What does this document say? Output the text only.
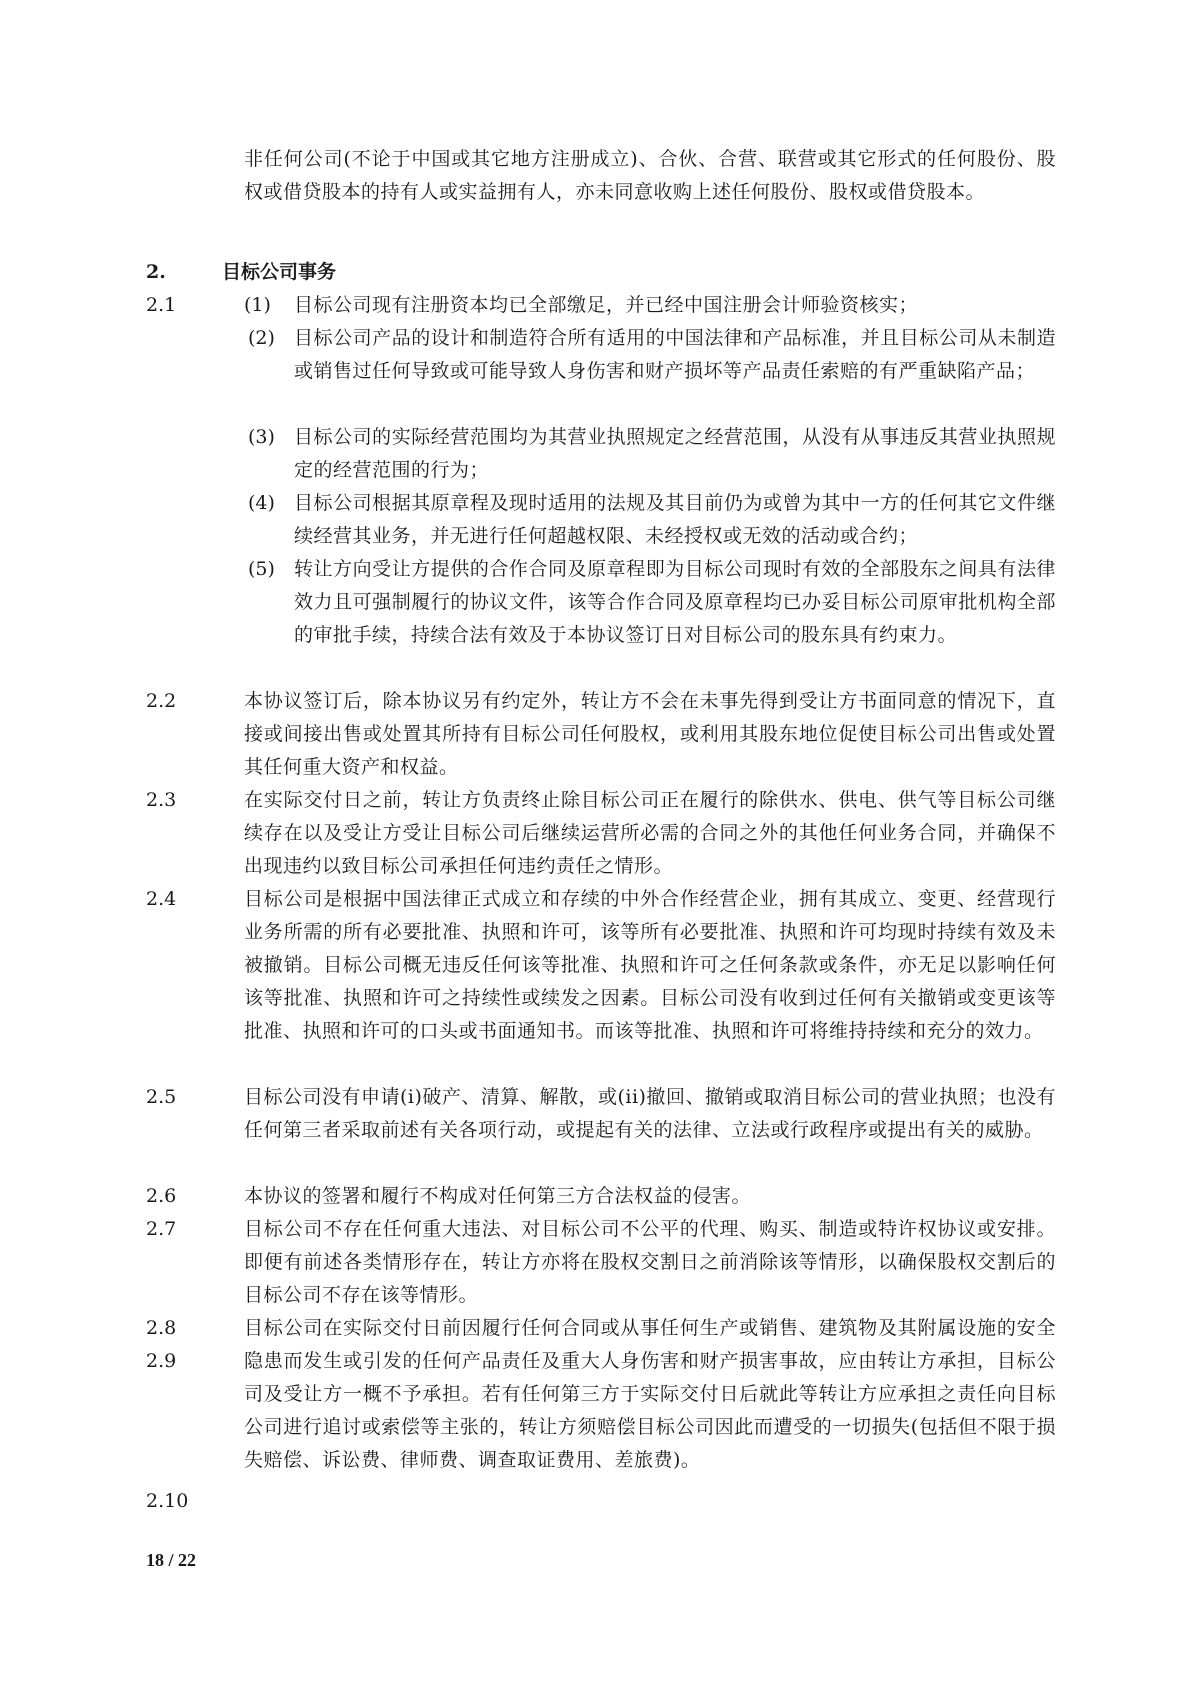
非任何公司(不论于中国或其它地方注册成立)、合伙、合营、联营或其它形式的任何股份、股权或借贷股本的持有人或实益拥有人，亦未同意收购上述任何股份、股权或借贷股本。
2.	目标公司事务
2.1	(1) 目标公司现有注册资本均已全部缴足，并已经中国注册会计师验资核实；
(2) 目标公司产品的设计和制造符合所有适用的中国法律和产品标准，并且目标公司从未制造或销售过任何导致或可能导致人身伤害和财产损坏等产品责任索赔的有严重缺陷产品；
(3) 目标公司的实际经营范围均为其营业执照规定之经营范围，从没有从事违反其营业执照规定的经营范围的行为；
(4) 目标公司根据其原章程及现时适用的法规及其目前仍为或曾为其中一方的任何其它文件继续经营其业务，并无进行任何超越权限、未经授权或无效的活动或合约；
(5) 转让方向受让方提供的合作合同及原章程即为目标公司现时有效的全部股东之间具有法律效力且可强制履行的协议文件，该等合作合同及原章程均已办妥目标公司原审批机构全部的审批手续，持续合法有效及于本协议签订日对目标公司的股东具有约束力。
2.2	本协议签订后，除本协议另有约定外，转让方不会在未事先得到受让方书面同意的情况下，直接或间接出售或处置其所持有目标公司任何股权，或利用其股东地位促使目标公司出售或处置其任何重大资产和权益。
2.3	在实际交付日之前，转让方负责终止除目标公司正在履行的除供水、供电、供气等目标公司继续存在以及受让方受让目标公司后继续运营所必需的合同之外的其他任何业务合同，并确保不出现违约以致目标公司承担任何违约责任之情形。
2.4	目标公司是根据中国法律正式成立和存续的中外合作经营企业，拥有其成立、变更、经营现行业务所需的所有必要批准、执照和许可，该等所有必要批准、执照和许可均现时持续有效及未被撤销。目标公司概无违反任何该等批准、执照和许可之任何条款或条件，亦无足以影响任何该等批准、执照和许可之持续性或续发之因素。目标公司没有收到过任何有关撤销或变更该等批准、执照和许可的口头或书面通知书。而该等批准、执照和许可将维持持续和充分的效力。
2.5	目标公司没有申请(i)破产、清算、解散，或(ii)撤回、撤销或取消目标公司的营业执照；也没有任何第三者采取前述有关各项行动，或提起有关的法律、立法或行政程序或提出有关的威胁。
2.6	本协议的签署和履行不构成对任何第三方合法权益的侵害。
2.7	目标公司不存在任何重大违法、对目标公司不公平的代理、购买、制造或特许权协议或安排。即便有前述各类情形存在，转让方亦将在股权交割日之前消除该等情形，以确保股权交割后的目标公司不存在该等情形。
2.8	目标公司在实际交付日前因履行任何合同或从事任何生产或销售、建筑物及其附属设施的安全隐患而发生或引发的任何产品责任及重大人身伤害和财产损害事故，应由转让方承担，目标公司及受让方一概不予承担。若有任何第三方于实际交付日后就此等转让方应承担之责任向目标公司进行追讨或索偿等主张的，转让方须赔偿目标公司因此而遭受的一切损失(包括但不限于损失赔偿、诉讼费、律师费、调查取证费用、差旅费)。
2.9
2.10
18 / 22
